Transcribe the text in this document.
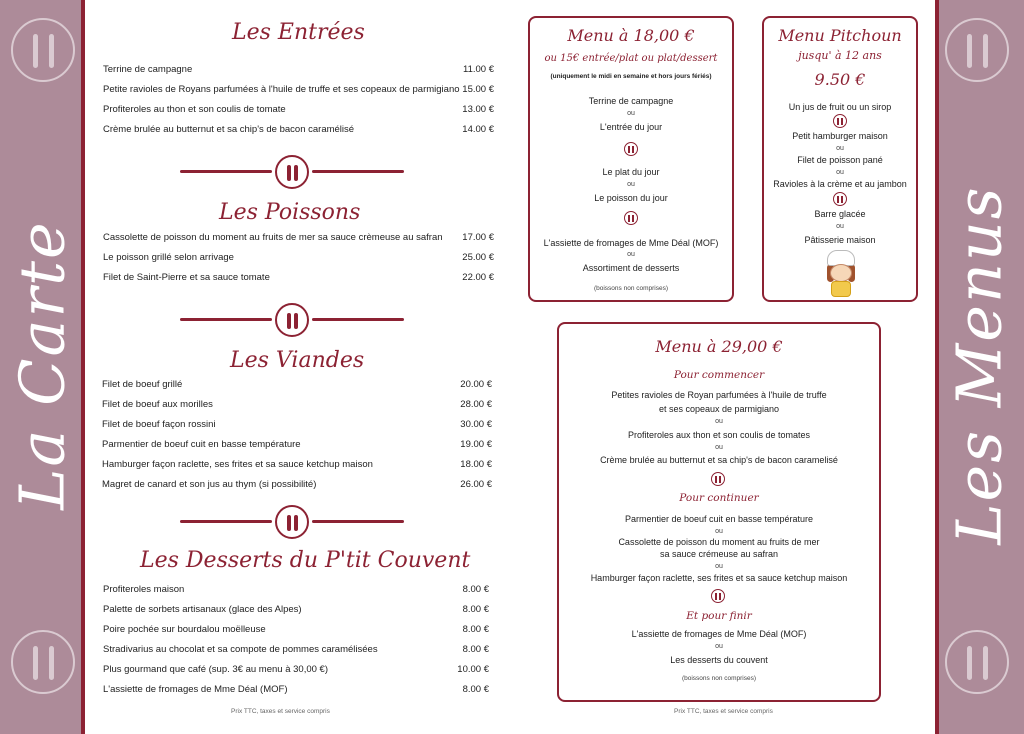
La Carte	Les Menus
Les Entrées
Terrine de campagne	11.00 €
Petite ravioles de Royans parfumées à l'huile de truffe et ses copeaux de parmigiano 15.00 €
Profiteroles au thon et son coulis de tomate	13.00 €
Crème brulée au butternut et sa chip's de bacon caramélisé	14.00 €
Les Poissons
Cassolette de poisson du moment au fruits de mer sa sauce crèmeuse au safran	17.00 €
Le poisson grillé selon arrivage	25.00 €
Filet de Saint-Pierre et sa sauce tomate	22.00 €
Les Viandes
Filet de boeuf grillé	20.00 €
Filet de boeuf aux morilles	28.00 €
Filet de boeuf façon rossini	30.00 €
Parmentier de boeuf cuit en basse température	19.00 €
Hamburger façon raclette, ses frites et sa sauce ketchup maison	18.00 €
Magret de canard et son jus au thym (si possibilité)	26.00 €
Les Desserts du P'tit Couvent
Profiteroles maison	8.00 €
Palette de sorbets artisanaux (glace des Alpes)	8.00 €
Poire pochée sur bourdalou moëlleuse	8.00 €
Stradivarius au chocolat et sa compote de pommes caramélisées	8.00 €
Plus gourmand que café (sup. 3€ au menu à 30,00 €)	10.00 €
L'assiette de fromages de Mme Déal (MOF)	8.00 €
Prix TTC, taxes et service compris
Menu à 18,00 €
ou 15€ entrée/plat ou plat/dessert
(uniquement le midi en semaine et hors jours fériés)
Terrine de campagne
ou
L'entrée du jour
Le plat du jour
ou
Le poisson du jour
L'assiette de fromages de Mme Déal (MOF)
ou
Assortiment de desserts
(boissons non comprises)
Menu Pitchoun
jusqu' à 12 ans
9.50 €
Un jus de fruit ou un sirop
Petit hamburger maison
ou
Filet de poisson pané
ou
Ravioles à la crème et au jambon
Barre glacée
ou
Pâtisserie maison
Menu à 29,00 €
Pour commencer
Petites ravioles de Royan parfumées à l'huile de truffe
et ses copeaux de parmigiano
ou
Profiteroles aux thon et son coulis de tomates
ou
Crème brulée au butternut et sa chip's de bacon caramelisé
Pour continuer
Parmentier de boeuf cuit en basse température
ou
Cassolette de poisson du moment au fruits de mer
sa sauce crémeuse au safran
ou
Hamburger façon raclette, ses frites et sa sauce ketchup maison
Et pour finir
L'assiette de fromages de Mme Déal (MOF)
ou
Les desserts du couvent
(boissons non comprises)
Prix TTC, taxes et service compris
